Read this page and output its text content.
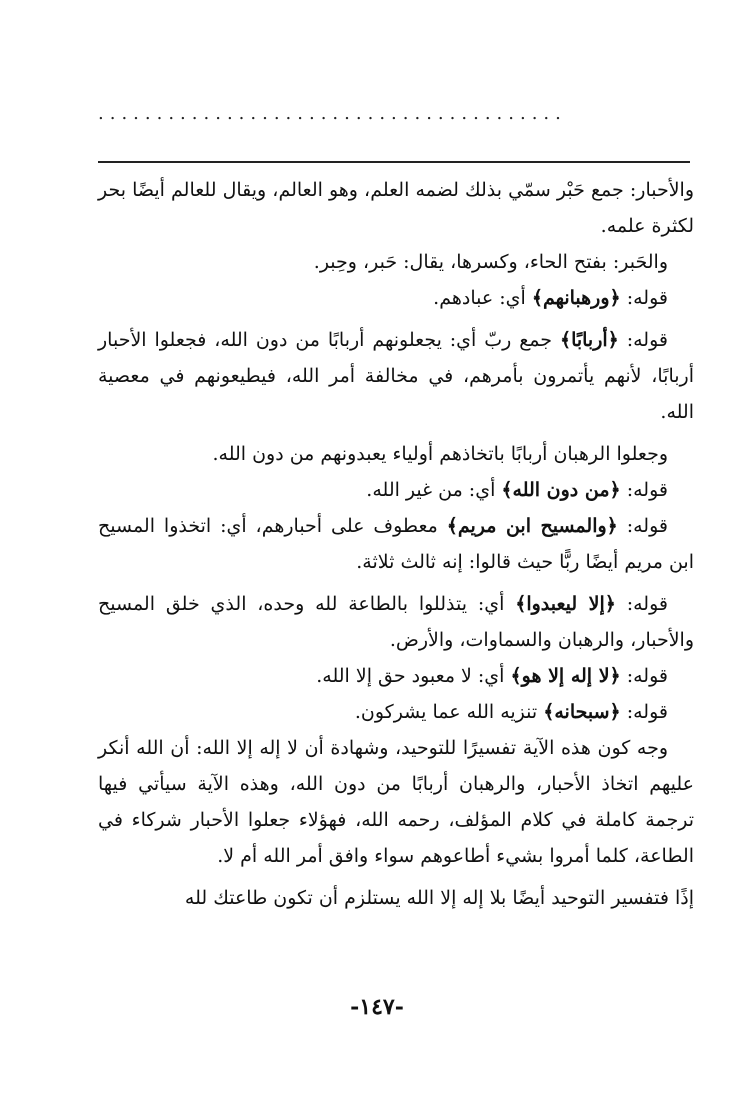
........................................

والأحبار: جمع حَبْر سمّي بذلك لضمه العلم، وهو العالم، ويقال للعالم أيضًا بحر لكثرة علمه.

والحَبر: بفتح الحاء، وكسرها، يقال: حَبر، وحِبر.

قوله: ﴿ورهبانهم﴾ أي: عبادهم.

قوله: ﴿أربابًا﴾ جمع ربّ أي: يجعلونهم أربابًا من دون الله، فجعلوا الأحبار أربابًا، لأنهم يأتمرون بأمرهم، في مخالفة أمر الله، فيطيعونهم في معصية الله.

وجعلوا الرهبان أربابًا باتخاذهم أولياء يعبدونهم من دون الله.

قوله: ﴿من دون الله﴾ أي: من غير الله.

قوله: ﴿والمسيح ابن مريم﴾ معطوف على أحبارهم، أي: اتخذوا المسيح ابن مريم أيضًا ربًّا حيث قالوا: إنه ثالث ثلاثة.

قوله: ﴿إلا ليعبدوا﴾ أي: يتذللوا بالطاعة لله وحده، الذي خلق المسيح والأحبار، والرهبان والسماوات، والأرض.

قوله: ﴿لا إله إلا هو﴾ أي: لا معبود حق إلا الله.

قوله: ﴿سبحانه﴾ تنزيه الله عما يشركون.

وجه كون هذه الآية تفسيرًا للتوحيد، وشهادة أن لا إله إلا الله: أن الله أنكر عليهم اتخاذ الأحبار، والرهبان أربابًا من دون الله، وهذه الآية سيأتي فيها ترجمة كاملة في كلام المؤلف، رحمه الله، فهؤلاء جعلوا الأحبار شركاء في الطاعة، كلما أمروا بشيء أطاعوهم سواء وافق أمر الله أم لا.

إذًا فتفسير التوحيد أيضًا بلا إله إلا الله يستلزم أن تكون طاعتك لله

-١٤٧-
